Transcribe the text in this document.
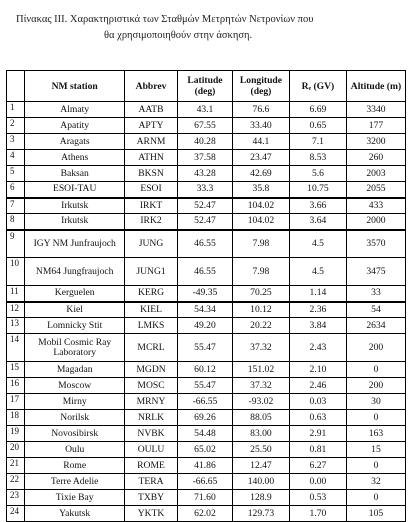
Πίνακας ΙΙΙ. Χαρακτηριστικά των Σταθμών Μετρητών Νετρονίων που
θα χρησιμοποιηθούν στην άσκηση.
	NM station	Abbrev	Latitude (deg)	Longitude (deg)	Rₑ (GV)	Altitude (m)
1	Almaty	AATB	43.1	76.6	6.69	3340
2	Apatity	APTY	67.55	33.40	0.65	177
3	Aragats	ARNM	40.28	44.1	7.1	3200
4	Athens	ATHN	37.58	23.47	8.53	260
5	Baksan	BKSN	43.28	42.69	5.6	2003
6	ESOI-TAU	ESOI	33.3	35.8	10.75	2055
7	Irkutsk	IRKT	52.47	104.02	3.66	433
8	Irkutsk	IRK2	52.47	104.02	3.64	2000
9	IGY NM Junfraujoch	JUNG	46.55	7.98	4.5	3570
10	NM64 Jungfraujoch	JUNG1	46.55	7.98	4.5	3475
11	Kerguelen	KERG	-49.35	70.25	1.14	33
12	Kiel	KIEL	54.34	10.12	2.36	54
13	Lomnicky Stit	LMKS	49.20	20.22	3.84	2634
14	Mobil Cosmic Ray Laboratory	MCRL	55.47	37.32	2.43	200
15	Magadan	MGDN	60.12	151.02	2.10	0
16	Moscow	MOSC	55.47	37.32	2.46	200
17	Mirny	MRNY	-66.55	-93.02	0.03	30
18	Norilsk	NRLK	69.26	88.05	0.63	0
19	Novosibirsk	NVBK	54.48	83.00	2.91	163
20	Oulu	OULU	65.02	25.50	0.81	15
21	Rome	ROME	41.86	12.47	6.27	0
22	Terre Adelie	TERA	-66.65	140.00	0.00	32
23	Tixie Bay	TXBY	71.60	128.9	0.53	0
24	Yakutsk	YKTK	62.02	129.73	1.70	105
